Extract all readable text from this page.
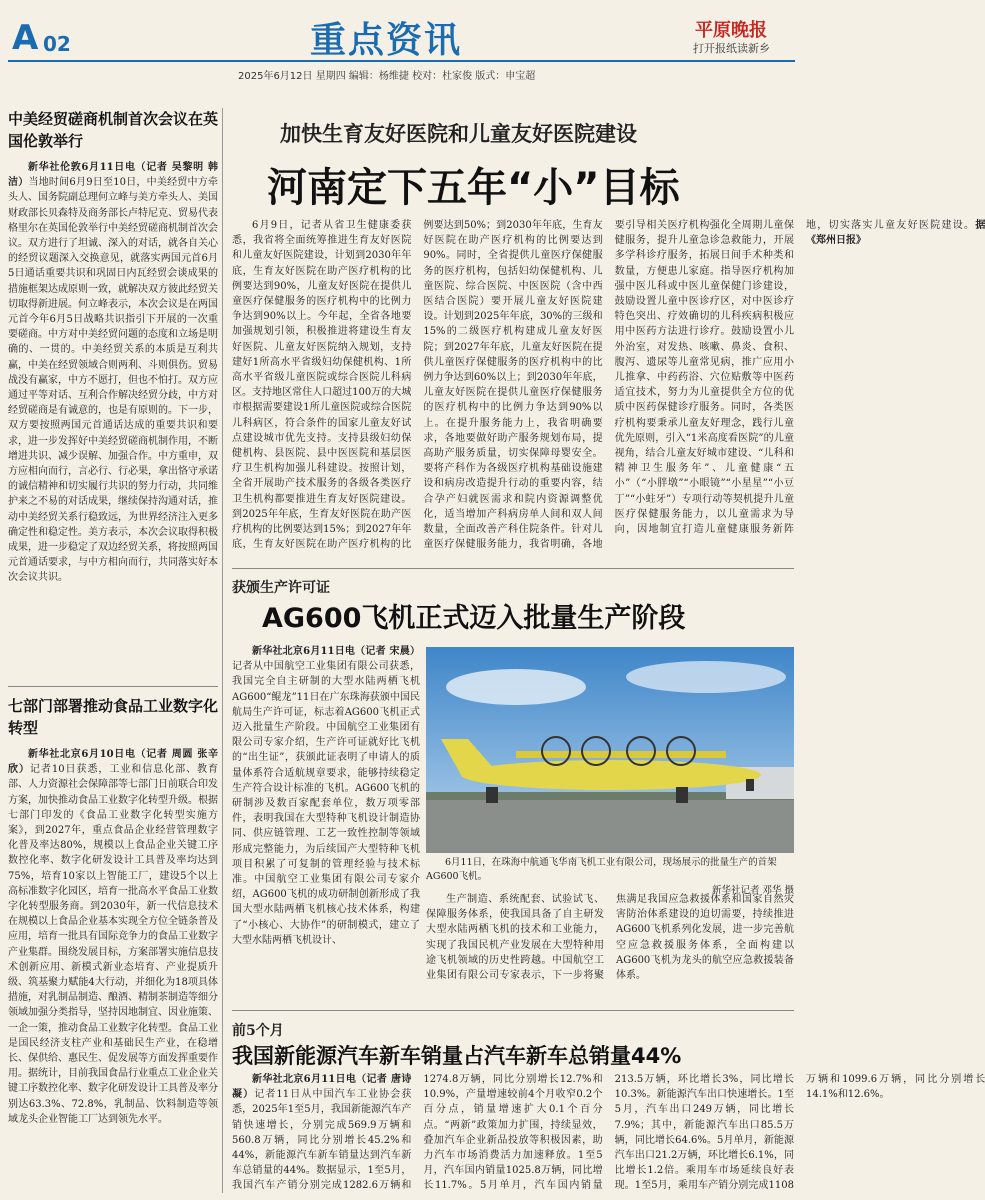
A 02	重点资讯	平原晚报
打开报纸读新乡
2025年6月12日 星期四 编辑：杨维捷 校对：杜家俊 版式：申宝超
中美经贸磋商机制首次会议在英国伦敦举行

新华社伦敦6月11日电（记者 吴黎明 韩洁）当地时间6月9日至10日，中美经贸中方牵头人、国务院副总理何立峰与美方牵头人、美国财政部长贝森特及商务部长卢特尼克、贸易代表格里尔在英国伦敦举行中美经贸磋商机制首次会议。双方进行了坦诚、深入的对话，就各自关心的经贸议题深入交换意见，就落实两国元首6月5日通话重要共识和巩固日内瓦经贸会谈成果的措施框架达成原则一致，就解决双方彼此经贸关切取得新进展。何立峰表示，本次会议是在两国元首今年6月5日战略共识指引下开展的一次重要磋商。中方对中美经贸问题的态度和立场是明确的、一贯的。中美经贸关系的本质是互利共赢，中美在经贸领域合则两利、斗则俱伤。贸易战没有赢家，中方不愿打，但也不怕打。双方应通过平等对话、互利合作解决经贸分歧，中方对经贸磋商是有诚意的，也是有原则的。下一步，双方要按照两国元首通话达成的重要共识和要求，进一步发挥好中美经贸磋商机制作用，不断增进共识、减少误解、加强合作。中方重申，双方应相向而行，言必行、行必果，拿出恪守承诺的诚信精神和切实履行共识的努力行动，共同维护来之不易的对话成果，继续保持沟通对话，推动中美经贸关系行稳致远，为世界经济注入更多确定性和稳定性。美方表示，本次会议取得积极成果，进一步稳定了双边经贸关系，将按照两国元首通话要求，与中方相向而行，共同落实好本次会议共识。

七部门部署推动食品工业数字化转型

新华社北京6月10日电（记者 周圆 张辛欣）记者10日获悉，工业和信息化部、教育部、人力资源社会保障部等七部门日前联合印发方案，加快推动食品工业数字化转型升级。根据七部门印发的《食品工业数字化转型实施方案》，到2027年，重点食品企业经营管理数字化普及率达80%，规模以上食品企业关键工序数控化率、数字化研发设计工具普及率均达到75%，培育10家以上智能工厂，建设5个以上高标准数字化园区，培育一批高水平食品工业数字化转型服务商。到2030年，新一代信息技术在规模以上食品企业基本实现全方位全链条普及应用，培育一批具有国际竞争力的食品工业数字产业集群。围绕发展目标，方案部署实施信息技术创新应用、新模式新业态培育、产业提质升级、筑基聚力赋能4大行动，并细化为18项具体措施，对乳制品制造、酿酒、精制茶制造等细分领域加强分类指导，坚持因地制宜、因业施策、一企一策，推动食品工业数字化转型。食品工业是国民经济支柱产业和基础民生产业，在稳增长、保供给、惠民生、促发展等方面发挥重要作用。据统计，目前我国食品行业重点工业企业关键工序数控化率、数字化研发设计工具普及率分别达63.3%、72.8%，乳制品、饮料制造等领域龙头企业智能工厂达到领先水平。

加快生育友好医院和儿童友好医院建设
河南定下五年“小”目标

6月9日，记者从省卫生健康委获悉，我省将全面统筹推进生育友好医院和儿童友好医院建设，计划到2030年年底，生育友好医院在助产医疗机构的比例要达到90%，儿童友好医院在提供儿童医疗保健服务的医疗机构中的比例力争达到90%以上。今年起，全省各地要加强规划引领，积极推进将建设生育友好医院、儿童友好医院纳入规划，支持建好1所高水平省级妇幼保健机构、1所高水平省级儿童医院或综合医院儿科病区。支持地区常住人口超过100万的大城市根据需要建设1所儿童医院或综合医院儿科病区，符合条件的国家儿童友好试点建设城市优先支持。支持县级妇幼保健机构、县医院、县中医医院和基层医疗卫生机构加强儿科建设。按照计划，全省开展助产技术服务的各级各类医疗卫生机构都要推进生育友好医院建设。到2025年年底，生育友好医院在助产医疗机构的比例要达到15%；到2027年年底，生育友好医院在助产医疗机构的比例要达到50%；到2030年年底，生育友好医院在助产医疗机构的比例要达到90%。同时，全省提供儿童医疗保健服务的医疗机构，包括妇幼保健机构、儿童医院、综合医院、中医医院（含中西医结合医院）要开展儿童友好医院建设。计划到2025年年底，30%的三级和15%的二级医疗机构建成儿童友好医院；到2027年年底，儿童友好医院在提供儿童医疗保健服务的医疗机构中的比例力争达到60%以上；到2030年年底，儿童友好医院在提供儿童医疗保健服务的医疗机构中的比例力争达到90%以上。在提升服务能力上，我省明确要求，各地要做好助产服务规划布局，提高助产服务质量，切实保障母婴安全。要将产科作为各级医疗机构基础设施建设和病房改造提升行动的重要内容，结合孕产妇就医需求和院内资源调整优化，适当增加产科病房单人间和双人间数量，全面改善产科住院条件。针对儿童医疗保健服务能力，我省明确，各地要引导相关医疗机构强化全周期儿童保健服务，提升儿童急诊急救能力，开展多学科诊疗服务，拓展日间手术种类和数量，方便患儿家庭。指导医疗机构加强中医儿科或中医儿童保健门诊建设，鼓励设置儿童中医诊疗区，对中医诊疗特色突出、疗效确切的儿科疾病积极应用中医药方法进行诊疗。鼓励设置小儿外治室，对发热、咳嗽、鼻炎、食积、腹泻、遗尿等儿童常见病，推广应用小儿推拿、中药药浴、穴位贴敷等中医药适宜技术，努力为儿童提供全方位的优质中医药保健诊疗服务。同时，各类医疗机构要秉承儿童友好理念，践行儿童优先原则，引入“1米高度看医院”的儿童视角，结合儿童友好城市建设、“儿科和精神卫生服务年”、儿童健康“五小”（“小胖墩”“小眼镜”“小星星”“小豆丁”“小蛀牙”）专项行动等契机提升儿童医疗保健服务能力，以儿童需求为导向，因地制宜打造儿童健康服务新阵地，切实落实儿童友好医院建设。据《郑州日报》

获颁生产许可证
AG600飞机正式迈入批量生产阶段

新华社北京6月11日电（记者 宋晨）记者从中国航空工业集团有限公司获悉，我国完全自主研制的大型水陆两栖飞机AG600“鲲龙”11日在广东珠海获颁中国民航局生产许可证，标志着AG600飞机正式迈入批量生产阶段。中国航空工业集团有限公司专家介绍，生产许可证就好比飞机的“出生证”，获颁此证表明了申请人的质量体系符合适航规章要求，能够持续稳定生产符合设计标准的飞机。AG600飞机的研制涉及数百家配套单位，数万项零部件，表明我国在大型特种飞机设计制造协同、供应链管理、工艺一致性控制等领域形成完整能力，为后续国产大型特种飞机项目积累了可复制的管理经验与技术标准。中国航空工业集团有限公司专家介绍，AG600飞机的成功研制创新形成了我国大型水陆两栖飞机核心技术体系，构建了“小核心、大协作”的研制模式，建立了大型水陆两栖飞机设计、

6月11日，在珠海中航通飞华南飞机工业有限公司，现场展示的批量生产的首架AG600飞机。
新华社记者 邓华 摄

生产制造、系统配套、试验试飞、保障服务体系，使我国具备了自主研发大型水陆两栖飞机的技术和工业能力，实现了我国民机产业发展在大型特种用途飞机领域的历史性跨越。中国航空工业集团有限公司专家表示，下一步将聚焦满足我国应急救援体系和国家自然灾害防治体系建设的迫切需要，持续推进AG600飞机系列化发展，进一步完善航空应急救援服务体系，全面构建以AG600飞机为龙头的航空应急救援装备体系。

前5个月
我国新能源汽车新车销量占汽车新车总销量44%

新华社北京6月11日电（记者 唐诗凝）记者11日从中国汽车工业协会获悉，2025年1至5月，我国新能源汽车产销快速增长，分别完成569.9万辆和560.8万辆，同比分别增长45.2%和44%，新能源汽车新车销量达到汽车新车总销量的44%。数据显示，1至5月，我国汽车产销分别完成1282.6万辆和1274.8万辆，同比分别增长12.7%和10.9%，产量增速较前4个月收窄0.2个百分点，销量增速扩大0.1个百分点。“两新”政策加力扩围，持续显效，叠加汽车企业新品投放等积极因素，助力汽车市场消费活力加速释放。1至5月，汽车国内销量1025.8万辆，同比增长11.7%。5月单月，汽车国内销量213.5万辆，环比增长3%，同比增长10.3%。新能源汽车出口快速增长。1至5月，汽车出口249万辆，同比增长7.9%；其中，新能源汽车出口85.5万辆，同比增长64.6%。5月单月，新能源汽车出口21.2万辆，环比增长6.1%，同比增长1.2倍。乘用车市场延续良好表现。1至5月，乘用车产销分别完成1108万辆和1099.6万辆，同比分别增长14.1%和12.6%。
